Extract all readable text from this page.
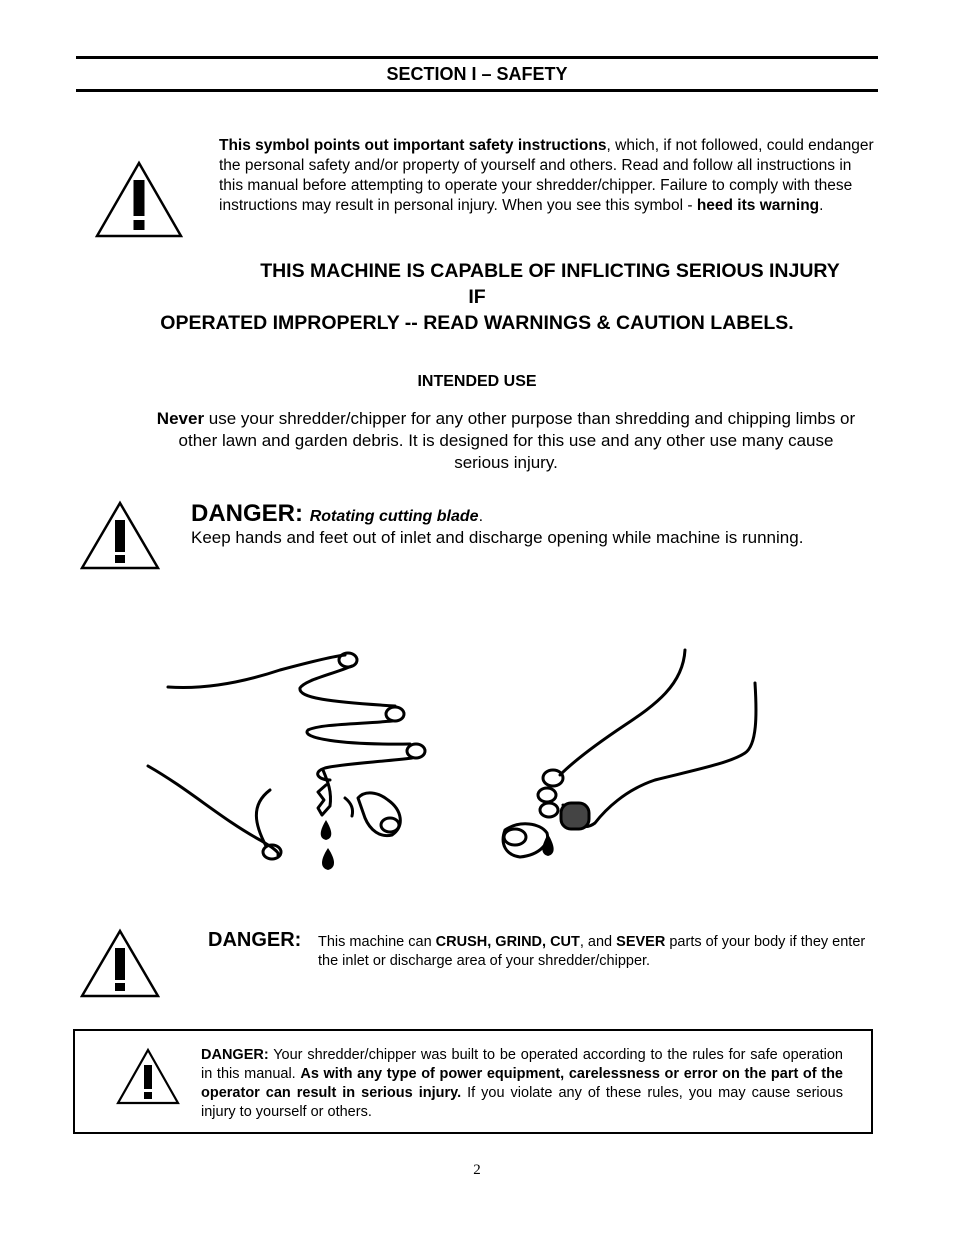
SECTION I – SAFETY
This symbol points out important safety instructions, which, if not followed, could endanger the personal safety and/or property of yourself and others. Read and follow all instructions in this manual before attempting to operate your shredder/chipper. Failure to comply with these instructions may result in personal injury. When you see this symbol - heed its warning.
THIS MACHINE IS CAPABLE OF INFLICTING SERIOUS INJURY
IF
OPERATED IMPROPERLY -- READ WARNINGS & CAUTION LABELS.
INTENDED USE
Never use your shredder/chipper for any other purpose than shredding and chipping limbs or other lawn and garden debris. It is designed for this use and any other use many cause serious injury.
DANGER: Rotating cutting blade.
Keep hands and feet out of inlet and discharge opening while machine is running.
DANGER: This machine can CRUSH, GRIND, CUT, and SEVER parts of your body if they enter the inlet or discharge area of your shredder/chipper.
DANGER: Your shredder/chipper was built to be operated according to the rules for safe operation in this manual. As with any type of power equipment, carelessness or error on the part of the operator can result in serious injury. If you violate any of these rules, you may cause serious injury to yourself or others.
2
